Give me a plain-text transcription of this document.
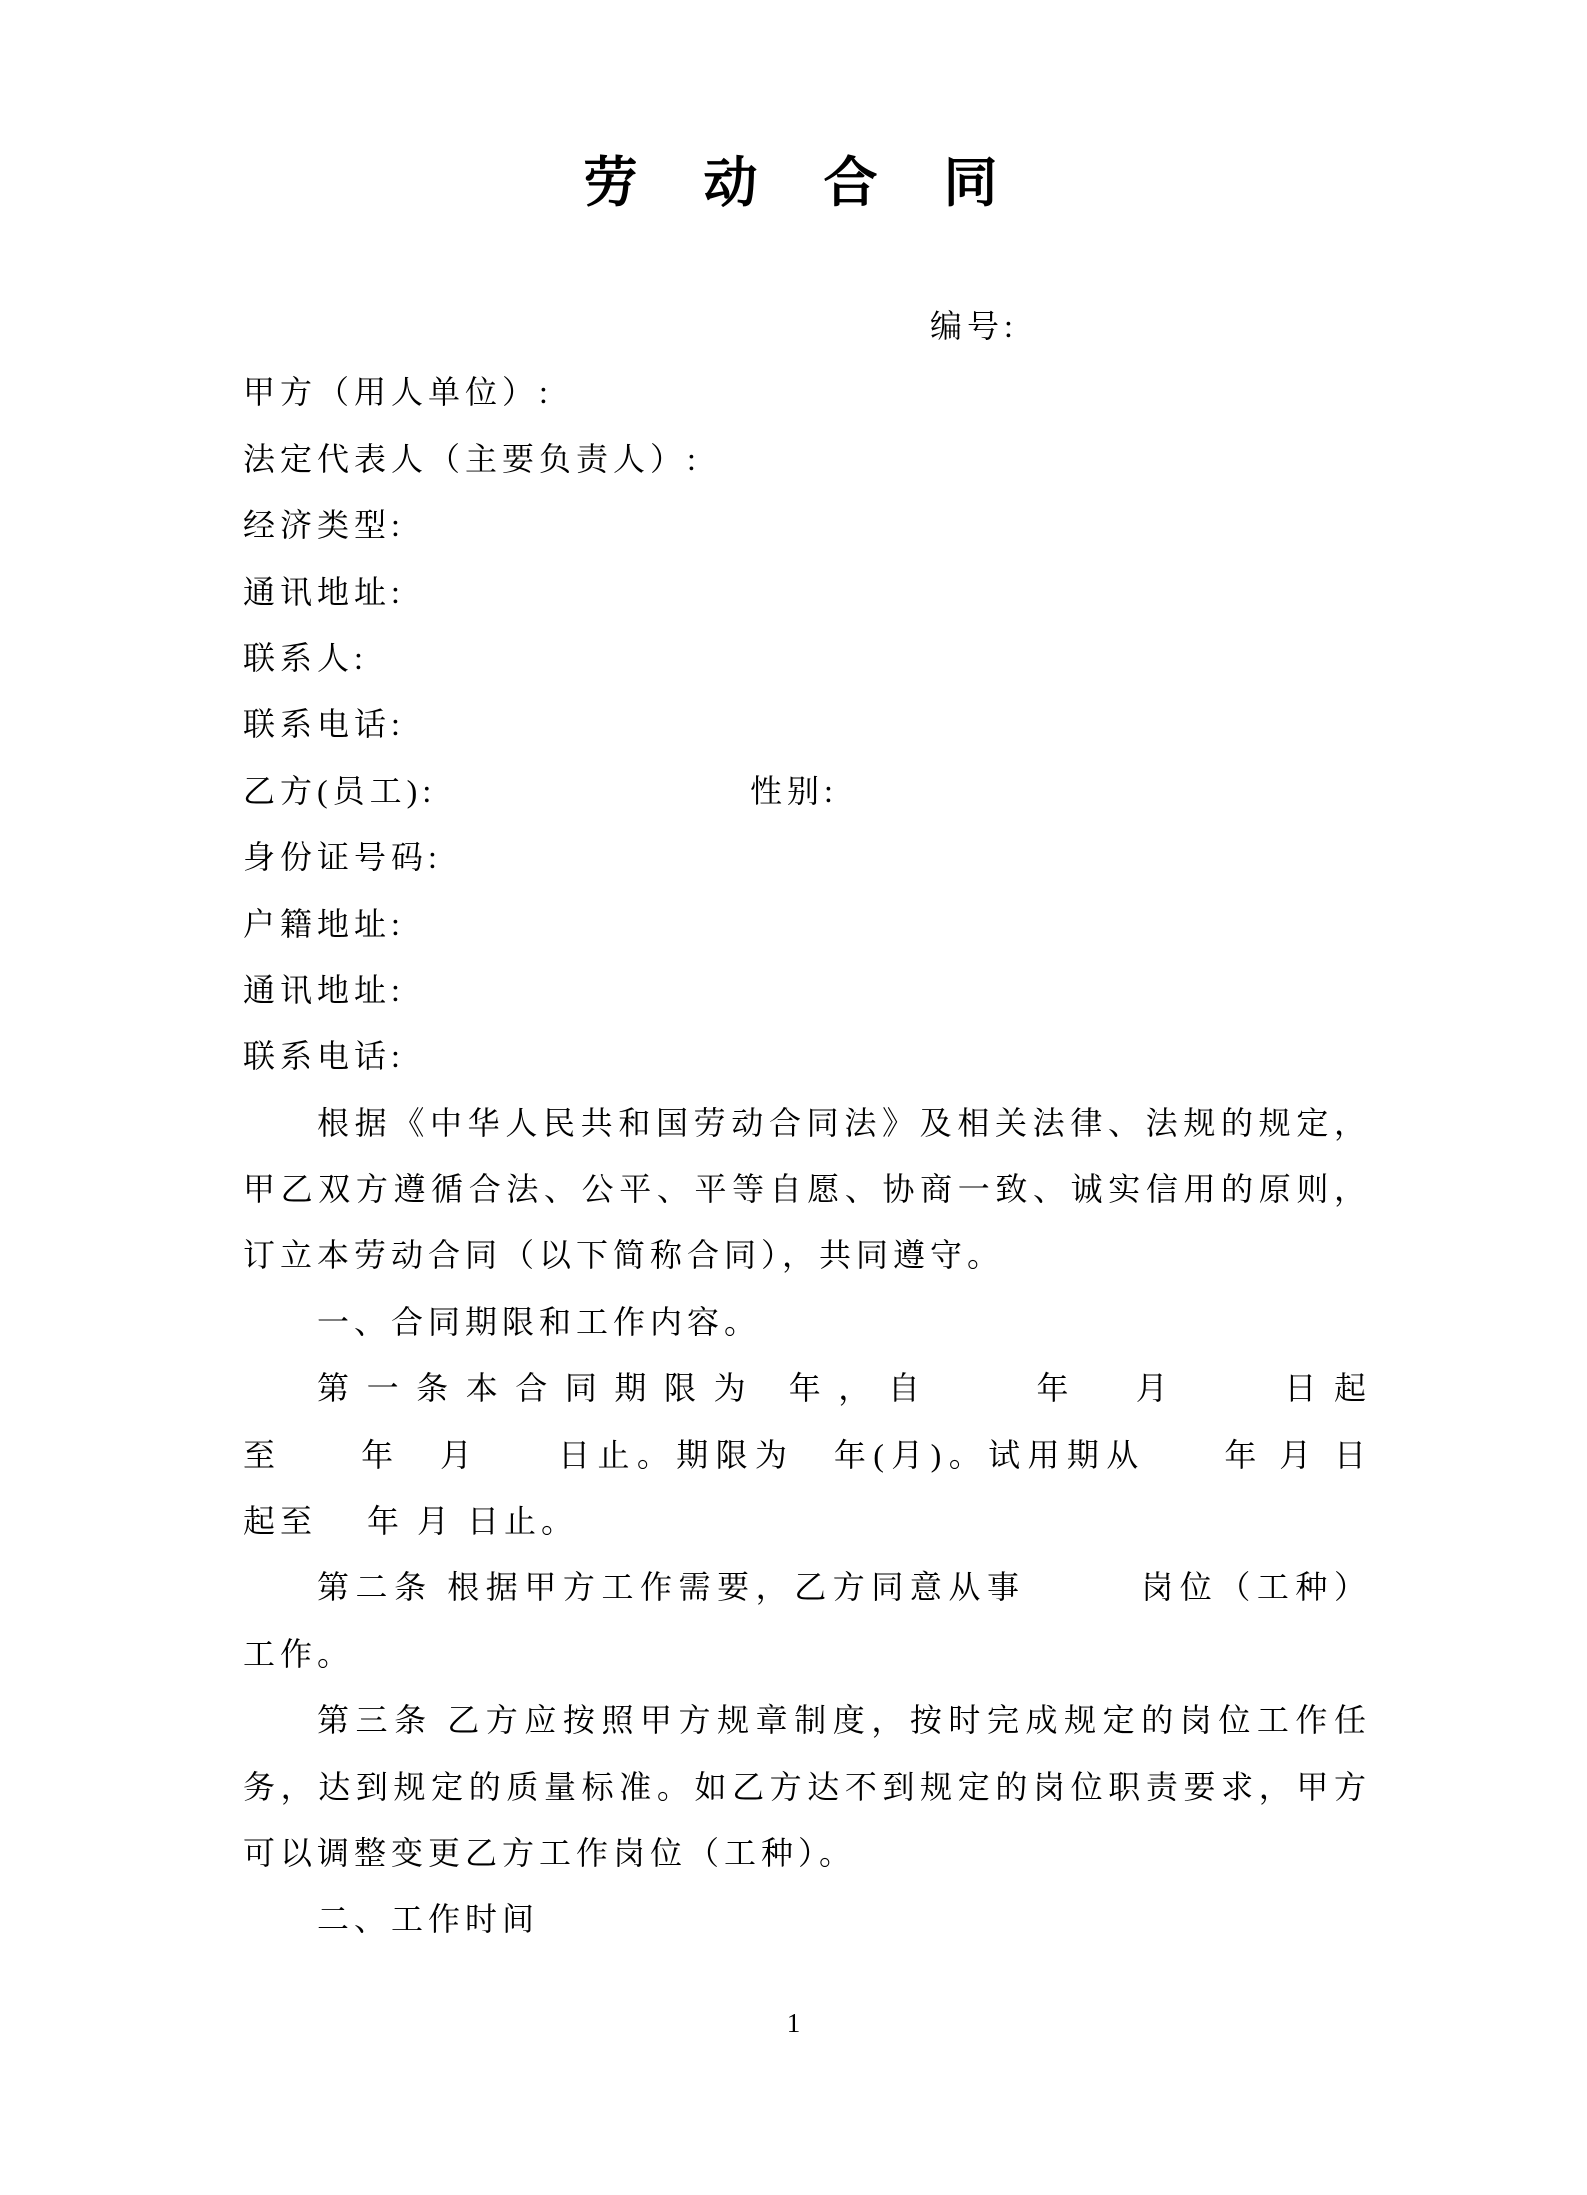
劳　动　合　同
编号:
甲方（用人单位）:
法定代表人（主要负责人）:
经济类型:
通讯地址:
联系人:
联系电话:
乙方(员工):	性别:
身份证号码:
户籍地址:
通讯地址:
联系电话:
根据《中华人民共和国劳动合同法》及相关法律、法规的规定，
甲乙双方遵循合法、公平、平等自愿、协商一致、诚实信用的原则，
订立本劳动合同（以下简称合同），共同遵守。
一、合同期限和工作内容。
第一条本合同期限为 年，自　　年　月　　日起
至　　年　月　　日止。期限为　年(月)。试用期从　　年 月 日
起至　 年 月 日止。
第二条 根据甲方工作需要，乙方同意从事　　　岗位（工种）
工作。
第三条 乙方应按照甲方规章制度，按时完成规定的岗位工作任
务，达到规定的质量标准。如乙方达不到规定的岗位职责要求，甲方
可以调整变更乙方工作岗位（工种）。
二、工作时间
1
